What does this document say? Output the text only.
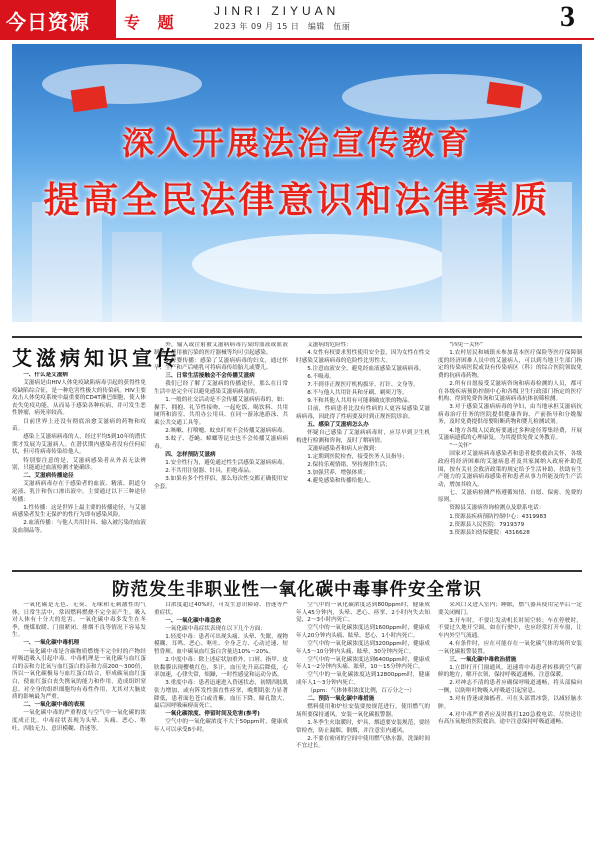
今日资源 专 题
JINRI ZIYUAN
2023 年 09 月 15 日　编辑　伍丽	3
深入开展法治宣传教育
提高全民法律意识和法律素质
艾滋病知识宣传

一、什么是艾滋病

艾滋病是由HIV人体免疫缺陷病毒引起的获得性免疫缺陷综合征，是一种危害性极大的传染病。HIV主要攻击人体免疫系统中最重要的CD4T淋巴细胞，使人体丧失免疫功能，从而易于感染各种疾病，并可发生恶性肿瘤，病死率较高。

目前世界上还没有彻底治愈艾滋病的药物和疫苗。

感染上艾滋病病毒的人，经过平均5到10年的潜伏期才发展为艾滋病人。在潜伏期内感染者没有任何症状，但可将病毒传染给他人。

特别要注意的是，艾滋病感染者从外表无法辨别，只能通过血液检测才能确诊。

二、艾滋病传播途径

艾滋病病毒存在于感染者的血液、精液、阴道分泌液、乳汁和伤口渗出液中，主要通过以下三种途径传播：

1.性传播：这是世界上最主要的传播途径，与艾滋病感染者发生无保护的性行为即有感染风险。

2.血液传播：与他人共用针具、输入被污染的血液及血制品等。

外，输入或注射被艾滋病病毒污染的血液或血液制品，使用被污染的医疗器械等均可引起感染。

3.母婴传播：感染了艾滋病病毒的妇女，通过怀孕、生产和产后哺乳可将病毒传给胎儿或婴儿。

三、日常生活接触会不会传播艾滋病

我们已经了解了艾滋病的传播途径，那么在日常生活中是完全可以避免感染艾滋病病毒的。

1.一般的社交活动是不会传播艾滋病病毒的，如：握手、拥抱、礼节性接吻、一起吃饭、喝饮料、共用厕所和浴室、共用办公用具、在同一游泳池游泳、共乘公共交通工具等。

2.咳嗽、打喷嚏、蚊虫叮咬不会传播艾滋病病毒。

3.蚊子、苍蝇、蟑螂等昆虫也不会传播艾滋病病毒。

四、怎样预防艾滋病

1.安全性行为，避免通过性生活感染艾滋病病毒。

2.不共用注射器、针具，拒绝毒品。

3.如果有多个性伴侣，那么每次性交都正确使用安全套。

艾滋病的危险性：

4.女性有权要求男性使用安全套，因为女性在性交时感染艾滋病病毒的危险性比男性大。

5.注意血液安全，避免经血液感染艾滋病病毒。

6.不吸毒。

7.不到非正规医疗机构拔牙、打针、文身等。

8.不与他人共用针具和牙刷、剃须刀等。

9.不和其他人共用有可能刺破皮肤的物品。

目前，性病患者比没有性病的人更容易感染艾滋病病毒，因此得了性病要及时到正规医院诊治。

五、感染了艾滋病怎么办

怀疑自己感染了艾滋病病毒时，应尽早到卫生机构进行检测和咨询，及时了解病情。

艾滋病感染者和病人应做到：

1.定期到医院检查，接受医务人员指导；

2.保持乐观情绪，坚持规律生活；

3.加强营养，增强体质；

4.避免感染和传播给他人。

“四免一关怀”

1.农村居民和城镇未参加基本医疗保险等医疗保障制度的经济困难人员中的艾滋病人，可以到当地卫生部门指定的传染病医院或设有传染病区（科）的综合医院领取免费的抗病毒药物。

2.所有自愿接受艾滋病咨询和病毒检测的人员，都可在各级疾病预防控制中心和各级卫生行政部门指定的医疗机构，得到免费咨询和艾滋病病毒抗体初筛检测。

3.对于感染艾滋病病毒的孕妇，由当地承担艾滋病抗病毒治疗任务的医院提供健康咨询、产前指导和分娩服务，及时免费提供母婴阻断药物和婴儿检测试剂。

4.地方各级人民政府要通过多种途径筹集经费，开展艾滋病遗孤的心理康复，为其提供免费义务教育。

“一关怀”

国家对艾滋病病毒感染者和患者提供救治关怀，各级政府将经济困难的艾滋病患者及其家属纳入政府补助范围，按有关社会救济政策的规定给予生活补助，扶助有生产能力的艾滋病病毒感染者和患者从事力所能及的生产活动，增加其收入。

七、艾滋病检测严格遵循知情、自愿、保密、免费的原则。

资源县艾滋病咨询检测点及联系电话：

1.资源县疾病预防控制中心：4319983

2.资源县人民医院：7919379

3.资源县妇幼保健院：4316628

防范发生非职业性一氧化碳中毒事件安全常识

一氧化碳是无色、无臭、无味和无刺激性的气体，日常生活中，常因燃料燃烧不完全而产生。吸入对人体有十分大的危害。一氧化碳中毒多发生在冬季，烧煤取暖、门窗紧闭、排烟不良等情况下容易发生。

一、一氧化碳中毒机理

一氧化碳中毒是含碳物质燃烧不完全时的产物经呼吸道吸入引起中毒。中毒机理是一氧化碳与血红蛋白的亲和力比氧与血红蛋白的亲和力高200～300倍，所以一氧化碳极易与血红蛋白结合，形成碳氧血红蛋白，使血红蛋白丧失携氧的能力和作用，造成组织窒息。对全身的组织细胞均有毒性作用，尤其对大脑皮质的影响最为严重。

二、一氧化碳中毒的表现

一氧化碳中毒的严重程度与空气中一氧化碳的浓度成正比。中毒症状表现为头晕、头痛、恶心、呕吐、四肢无力、意识模糊、昏迷等。

白浓度超过40%时，可发生意识障碍、昏迷等严重症状。

一、一氧化碳中毒急救

一氧化碳中毒症状表现在以下几个方面：

1.轻度中毒：患者可出现头痛、头晕、失眠、视物模糊、耳鸣、恶心、呕吐、全身乏力、心动过速、短暂昏厥。血中碳氧血红蛋白含量达10%～20%。

2.中度中毒：除上述症状加重外，口唇、指甲、皮肤黏膜出现樱桃红色，多汗，血压先升高后降低，心率加速，心律失常，烦躁，一时性感觉和运动分离。

3.重度中毒：患者迅速进入昏迷状态，初期四肢肌张力增加，或有阵发性强直性痉挛，晚期肌张力显著降低，患者面色苍白或青紫，血压下降，瞳孔散大，最后因呼吸麻痹而死亡。

一氧化碳浓度、停留时间及危害(参考)

空气中的一氧化碳浓度不大于50ppm时，健康成年人可以承受8小时。

空气中的一氧化碳浓度达到800ppm时，健康成年人45分钟内，头晕、恶心、痉挛，2小时内失去知觉，2～3小时内死亡。

空气中的一氧化碳浓度达到1600ppm时，健康成年人20分钟内头痛、眩晕、恶心，1小时内死亡。

空气中的一氧化碳浓度达到3200ppm时，健康成年人5～10分钟内头痛、眩晕，30分钟内死亡。

空气中的一氧化碳浓度达到6400ppm时，健康成年人1～2分钟内头痛、眩晕，10～15分钟内死亡。

空气中的一氧化碳浓度达到12800ppm时，健康成年人1～3分钟内死亡。

（ppm：气体体积浓度比例，百万分之一）

二、预防一氧化碳中毒措施

燃料使用和炉灶安装要按规范进行，使用燃气的场所要保持通风，安装一氧化碳报警器。

1.冬季生火取暖时，炉具、烟道要安装规范，要经常检查，防止漏烟、倒烟，并注意室内通风。

2.不要在密闭的空间中使用燃气热水器，洗澡时间不宜过长。

采风口又进入室内；睡眠，燃气器具使用完毕后一定要关闭阀门。

3.开车时，不要让发动机长时间空转；车在停驶时，不要过久地开空调，如在行驶中，也应经常打开车窗，让车内外空气流通。

4.有条件时，应在可能存在一氧化碳气体的场所安装一氧化碳报警装置。

三、一氧化碳中毒救治措施

1.立即打开门窗通风，迅速将中毒患者转移到空气新鲜的地方，解开衣领，保持呼吸道通畅，注意保暖。

2.对神志不清的患者应确保呼吸道通畅，将头部偏向一侧，以防呕吐物吸入呼吸道引起窒息。

3.对有昏迷或抽搐者，可在头部置冰袋，以减轻脑水肿。

4.对中毒严重者应及时拨打120急救电话，尽快送往有高压氧舱的医院救治，途中注意保持呼吸道通畅。
